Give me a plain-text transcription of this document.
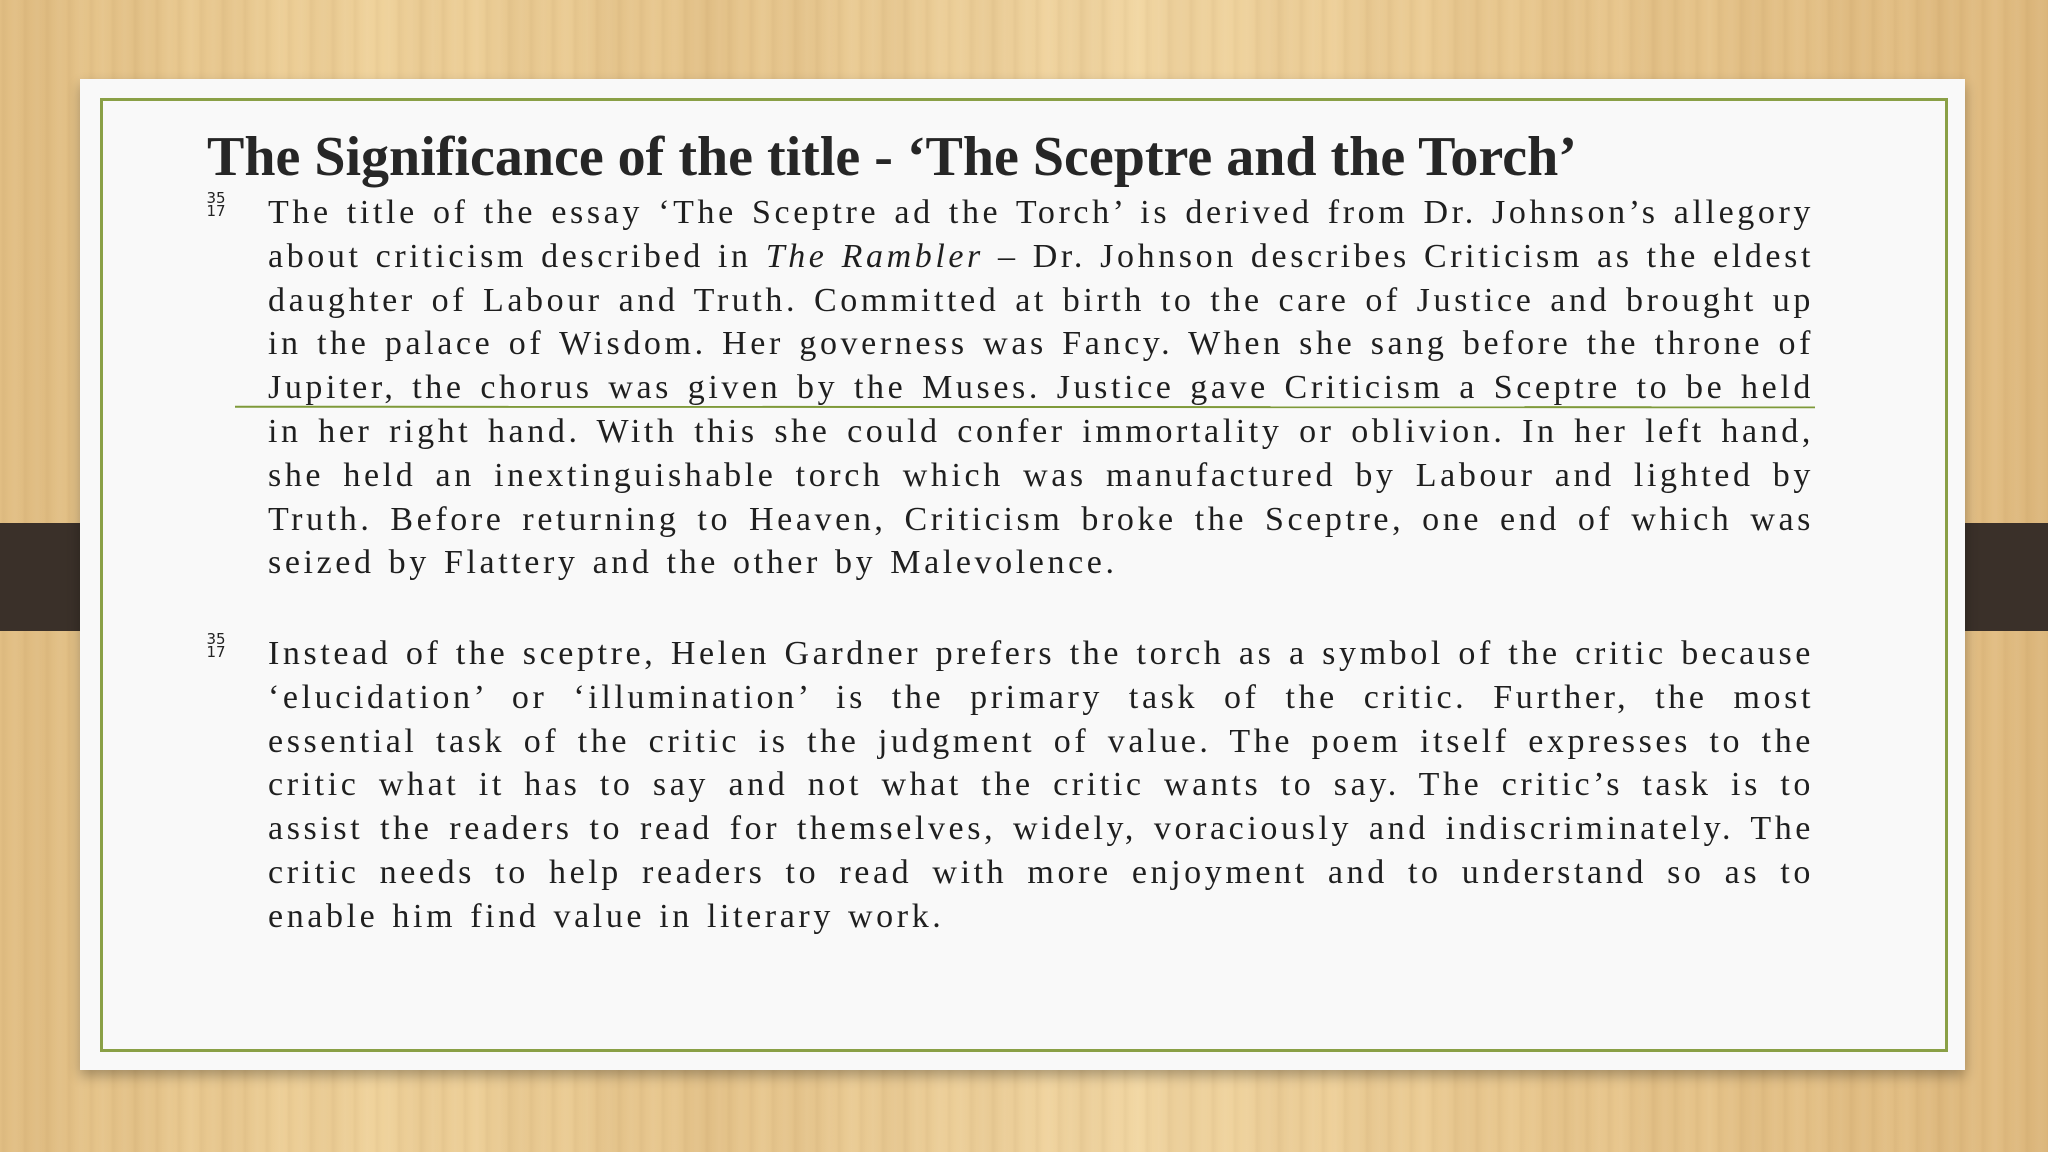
The Significance of the title - ‘The Sceptre and the Torch’
35
17 The title of the essay ‘The Sceptre ad the Torch’ is derived from Dr. Johnson’s allegory about criticism described in The Rambler – Dr. Johnson describes Criticism as the eldest daughter of Labour and Truth. Committed at birth to the care of Justice and brought up in the palace of Wisdom. Her governess was Fancy. When she sang before the throne of Jupiter, the chorus was given by the Muses. Justice gave Criticism a Sceptre to be held in her right hand. With this she could confer immortality or oblivion. In her left hand, she held an inextinguishable torch which was manufactured by Labour and lighted by Truth. Before returning to Heaven, Criticism broke the Sceptre, one end of which was seized by Flattery and the other by Malevolence.

35
17 Instead of the sceptre, Helen Gardner prefers the torch as a symbol of the critic because ‘elucidation’ or ‘illumination’ is the primary task of the critic. Further, the most essential task of the critic is the judgment of value. The poem itself expresses to the critic what it has to say and not what the critic wants to say. The critic’s task is to assist the readers to read for themselves, widely, voraciously and indiscriminately. The critic needs to help readers to read with more enjoyment and to understand so as to enable him find value in literary work.
